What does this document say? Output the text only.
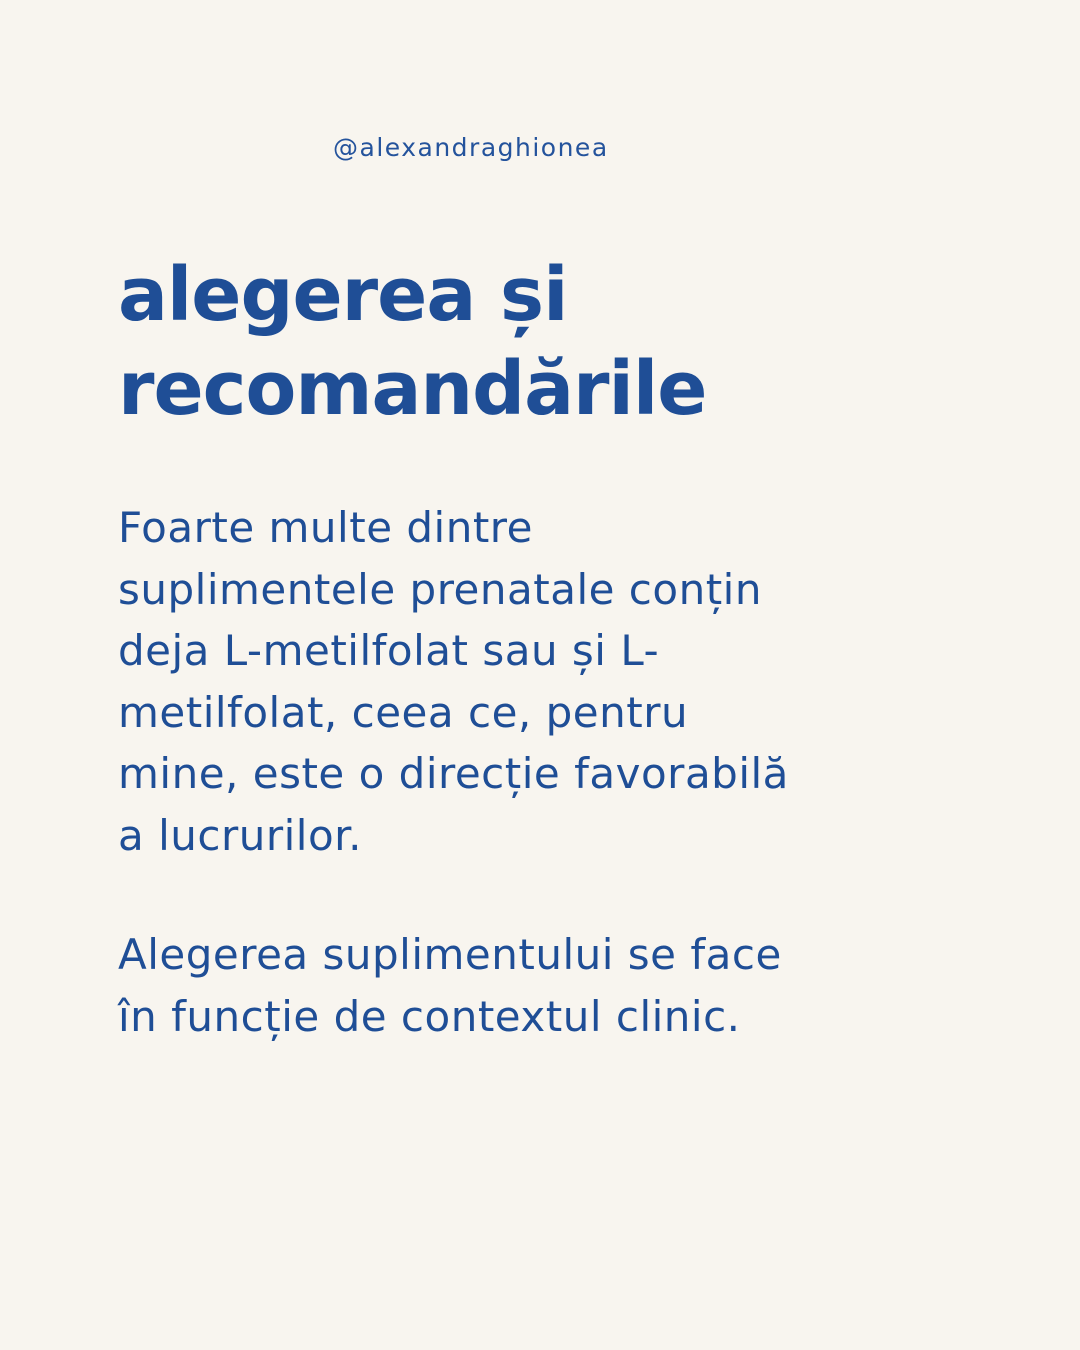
@alexandraghionea
alegerea și
recomandările

Foarte multe dintre
suplimentele prenatale conțin
deja L-metilfolat sau și L-
metilfolat, ceea ce, pentru
mine, este o direcție favorabilă
a lucrurilor.

Alegerea suplimentului se face
în funcție de contextul clinic.
